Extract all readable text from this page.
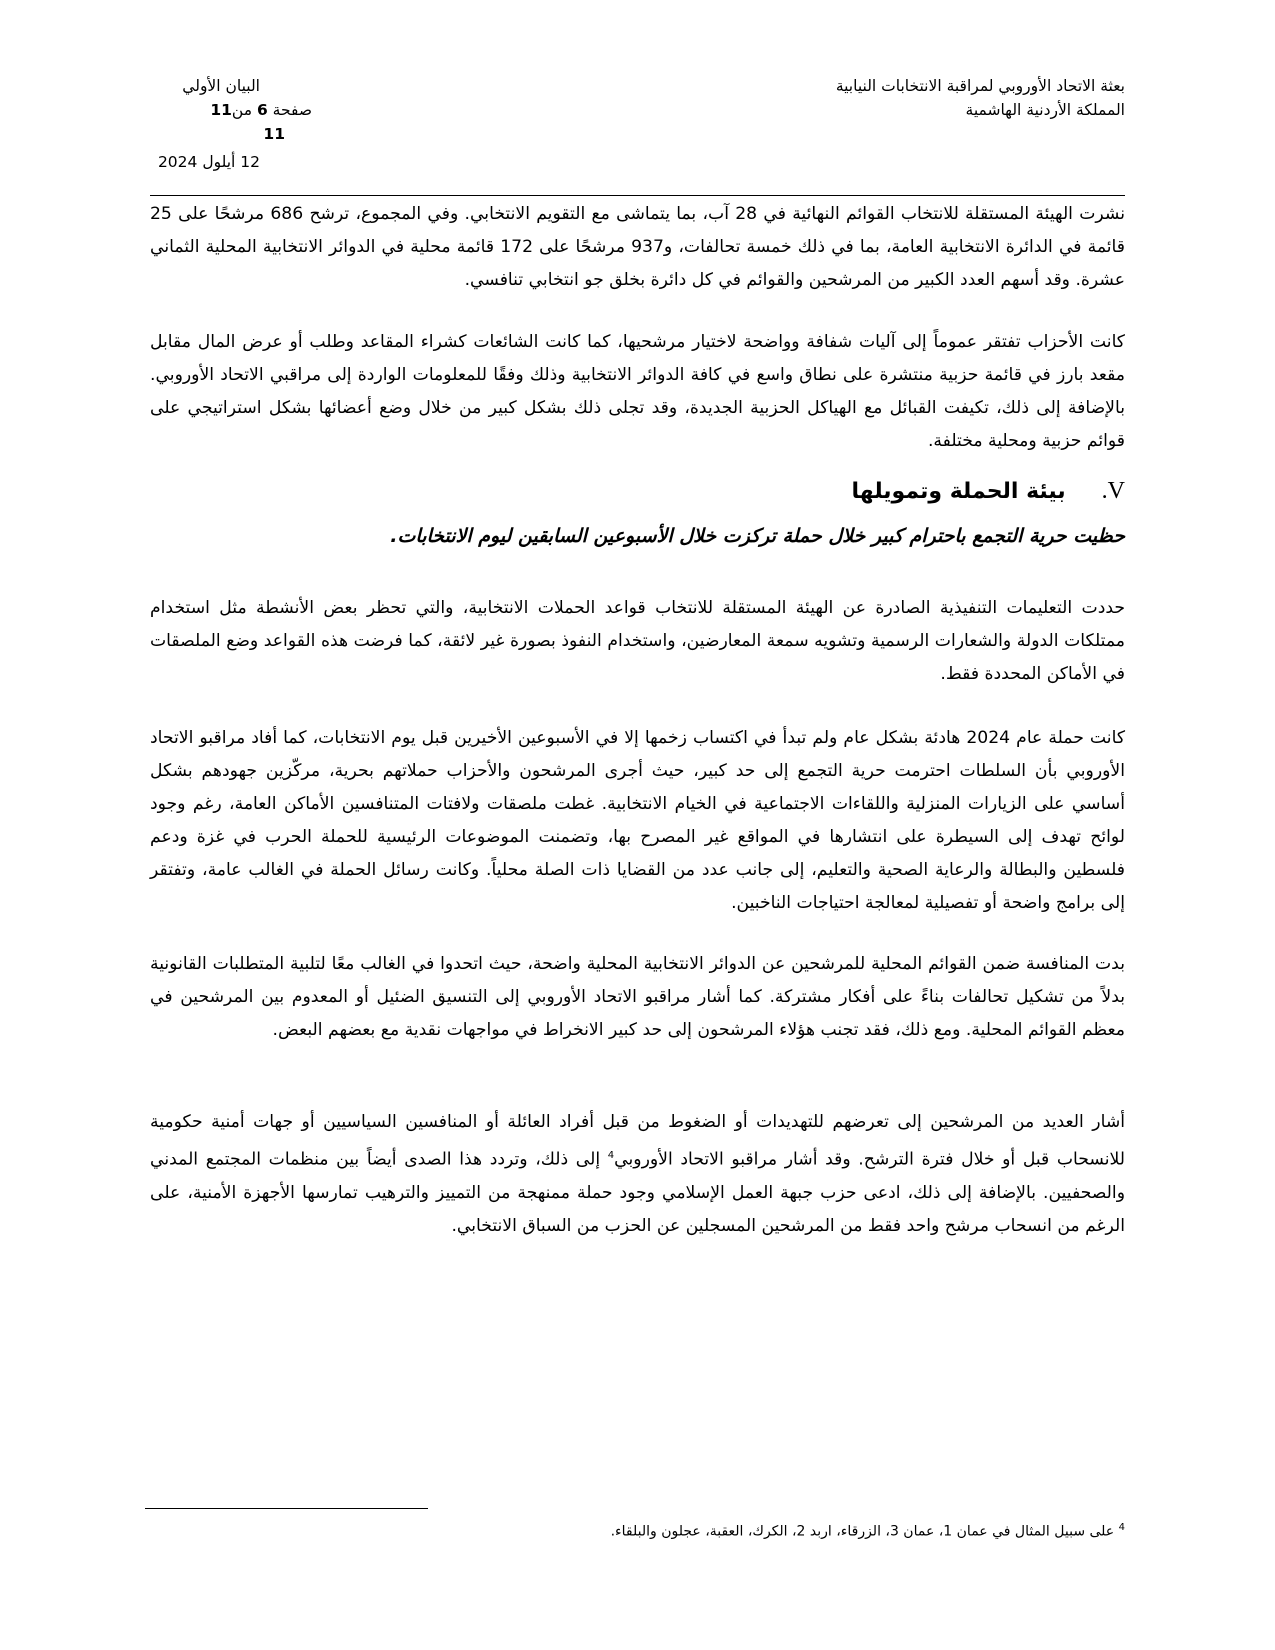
بعثة الاتحاد الأوروبي لمراقبة الانتخابات النيابية
المملكة الأردنية الهاشمية
البيان الأولي
صفحة 6 من11
11
12 أيلول 2024

نشرت الهيئة المستقلة للانتخاب القوائم النهائية في 28 آب، بما يتماشى مع التقويم الانتخابي. وفي المجموع، ترشح 686 مرشحًا على 25 قائمة في الدائرة الانتخابية العامة، بما في ذلك خمسة تحالفات، و937 مرشحًا على 172 قائمة محلية في الدوائر الانتخابية المحلية الثماني عشرة. وقد أسهم العدد الكبير من المرشحين والقوائم في كل دائرة بخلق جو انتخابي تنافسي.

كانت الأحزاب تفتقر عموماً إلى آليات شفافة وواضحة لاختيار مرشحيها، كما كانت الشائعات كشراء المقاعد وطلب أو عرض المال مقابل مقعد بارز في قائمة حزبية منتشرة على نطاق واسع في كافة الدوائر الانتخابية وذلك وفقًا للمعلومات الواردة إلى مراقبي الاتحاد الأوروبي. بالإضافة إلى ذلك، تكيفت القبائل مع الهياكل الحزبية الجديدة، وقد تجلى ذلك بشكل كبير من خلال وضع أعضائها بشكل استراتيجي على قوائم حزبية ومحلية مختلفة.

V.
بيئة الحملة وتمويلها
حظيت حرية التجمع باحترام كبير خلال حملة تركزت خلال الأسبوعين السابقين ليوم الانتخابات.

حددت التعليمات التنفيذية الصادرة عن الهيئة المستقلة للانتخاب قواعد الحملات الانتخابية، والتي تحظر بعض الأنشطة مثل استخدام ممتلكات الدولة والشعارات الرسمية وتشويه سمعة المعارضين، واستخدام النفوذ بصورة غير لائقة، كما فرضت هذه القواعد وضع الملصقات في الأماكن المحددة فقط.

كانت حملة عام 2024 هادئة بشكل عام ولم تبدأ في اكتساب زخمها إلا في الأسبوعين الأخيرين قبل يوم الانتخابات، كما أفاد مراقبو الاتحاد الأوروبي بأن السلطات احترمت حرية التجمع إلى حد كبير، حيث أجرى المرشحون والأحزاب حملاتهم بحرية، مركّزين جهودهم بشكل أساسي على الزيارات المنزلية واللقاءات الاجتماعية في الخيام الانتخابية. غطت ملصقات ولافتات المتنافسين الأماكن العامة، رغم وجود لوائح تهدف إلى السيطرة على انتشارها في المواقع غير المصرح بها، وتضمنت الموضوعات الرئيسية للحملة الحرب في غزة ودعم فلسطين والبطالة والرعاية الصحية والتعليم، إلى جانب عدد من القضايا ذات الصلة محلياً. وكانت رسائل الحملة في الغالب عامة، وتفتقر إلى برامج واضحة أو تفصيلية لمعالجة احتياجات الناخبين.

بدت المنافسة ضمن القوائم المحلية للمرشحين عن الدوائر الانتخابية المحلية واضحة، حيث اتحدوا في الغالب معًا لتلبية المتطلبات القانونية بدلاً من تشكيل تحالفات بناءً على أفكار مشتركة. كما أشار مراقبو الاتحاد الأوروبي إلى التنسيق الضئيل أو المعدوم بين المرشحين في معظم القوائم المحلية. ومع ذلك، فقد تجنب هؤلاء المرشحون إلى حد كبير الانخراط في مواجهات نقدية مع بعضهم البعض.

أشار العديد من المرشحين إلى تعرضهم للتهديدات أو الضغوط من قبل أفراد العائلة أو المنافسين السياسيين أو جهات أمنية حكومية للانسحاب قبل أو خلال فترة الترشح. وقد أشار مراقبو الاتحاد الأوروبي$^4$ إلى ذلك، وتردد هذا الصدى أيضاً بين منظمات المجتمع المدني والصحفيين. بالإضافة إلى ذلك، ادعى حزب جبهة العمل الإسلامي وجود حملة ممنهجة من التمييز والترهيب تمارسها الأجهزة الأمنية، على الرغم من انسحاب مرشح واحد فقط من المرشحين المسجلين عن الحزب من السباق الانتخابي.

$^4$ على سبيل المثال في عمان 1، عمان 3، الزرقاء، اربد 2، الكرك، العقبة، عجلون والبلقاء.
